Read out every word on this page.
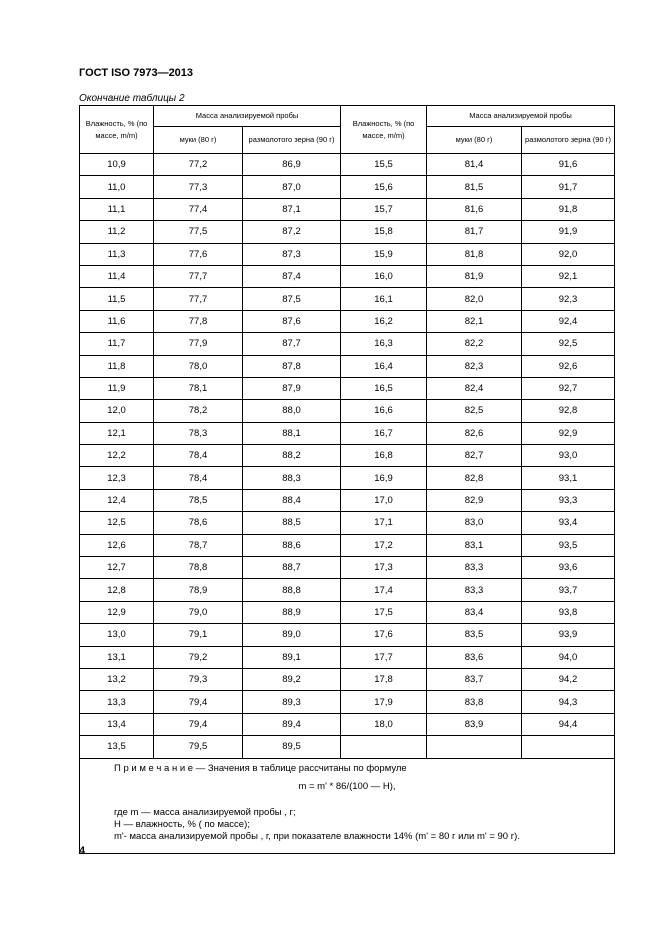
ГОСТ ISO 7973—2013
Окончание таблицы 2
Влажность, % (по массе, m/m)	Масса анализируемой пробы		Влажность, % (по массе, m/m)	Масса анализируемой пробы	
	муки (80 г)	размолотого зерна (90 г)		муки (80 г)	размолотого зерна (90 г)
10,9	77,2	86,9	15,5	81,4	91,6
11,0	77,3	87,0	15,6	81,5	91,7
11,1	77,4	87,1	15,7	81,6	91,8
11,2	77,5	87,2	15,8	81,7	91,9
11,3	77,6	87,3	15,9	81,8	92,0
11,4	77,7	87,4	16,0	81,9	92,1
11,5	77,7	87,5	16,1	82,0	92,3
11,6	77,8	87,6	16,2	82,1	92,4
11,7	77,9	87,7	16,3	82,2	92,5
11,8	78,0	87,8	16,4	82,3	92,6
11,9	78,1	87,9	16,5	82,4	92,7
12,0	78,2	88,0	16,6	82,5	92,8
12,1	78,3	88,1	16,7	82,6	92,9
12,2	78,4	88,2	16,8	82,7	93,0
12,3	78,4	88,3	16,9	82,8	93,1
12,4	78,5	88,4	17,0	82,9	93,3
12,5	78,6	88,5	17,1	83,0	93,4
12,6	78,7	88,6	17,2	83,1	93,5
12,7	78,8	88,7	17,3	83,3	93,6
12,8	78,9	88,8	17,4	83,3	93,7
12,9	79,0	88,9	17,5	83,4	93,8
13,0	79,1	89,0	17,6	83,5	93,9
13,1	79,2	89,1	17,7	83,6	94,0
13,2	79,3	89,2	17,8	83,7	94,2
13,3	79,4	89,3	17,9	83,8	94,3
13,4	79,4	89,4	18,0	83,9	94,4
13,5	79,5	89,5			

П р и м е ч а н и е — Значения в таблице рассчитаны по формуле
m = m' * 86/(100 — H),
где m — масса анализируемой пробы , г;
H — влажность, % ( по массе);
m'- масса анализируемой пробы , г, при показателе влажности 14% (m' = 80 г или m' = 90 г).					
4
